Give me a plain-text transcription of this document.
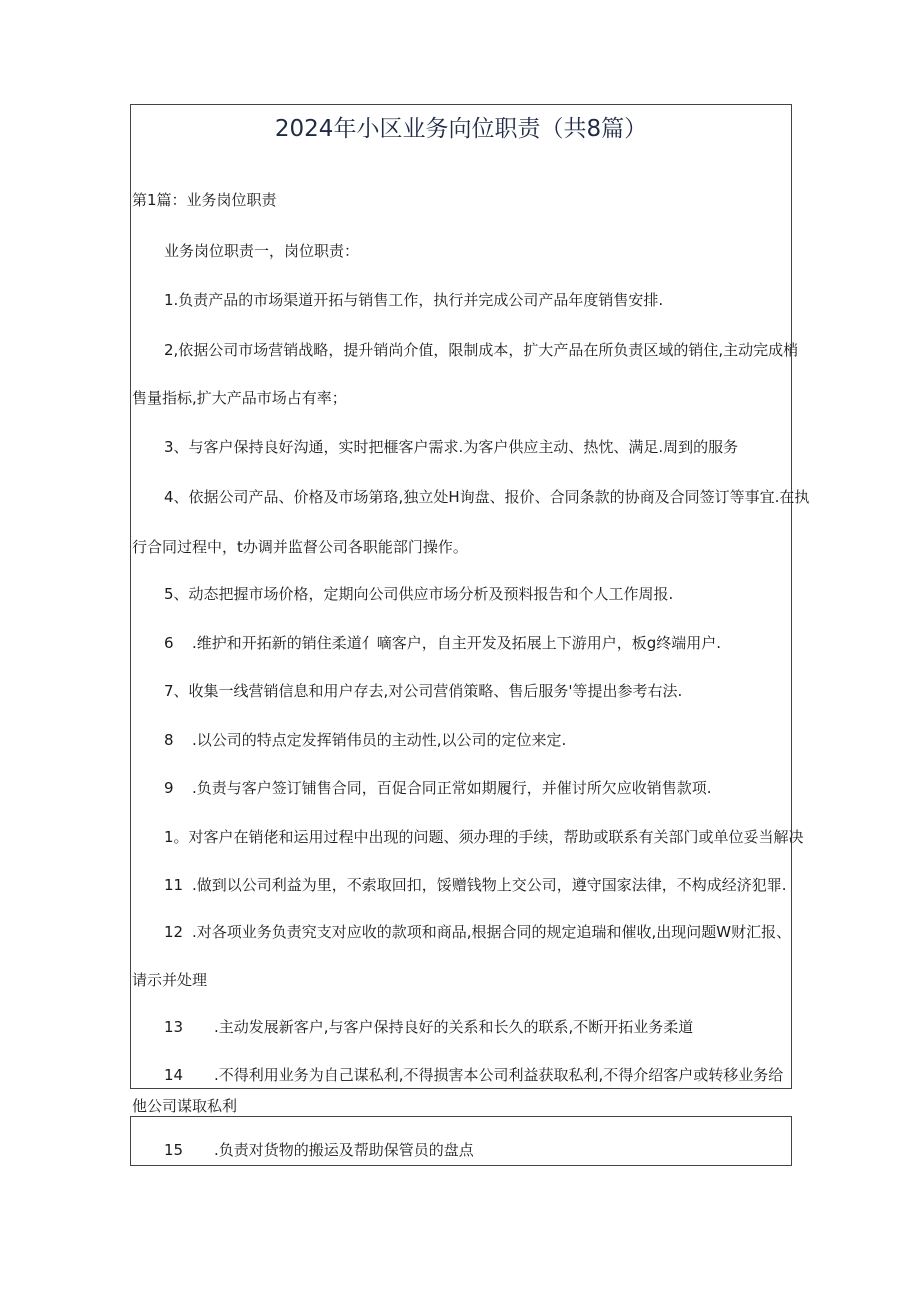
2024年小区业务向位职责（共8篇）
第1篇：业务岗位职责
业务岗位职责一，岗位职责：
1.负责产品的市场渠道开拓与销售工作，执行并完成公司产品年度销售安排.
2,依据公司市场营销战略，提升销尚介值，限制成本，扩大产品在所负责区域的销住,主动完成梢
售量指标,扩大产品市场占有率；
3、与客户保持良好沟通，实时把榧客户需求.为客户供应主动、热忱、满足.周到的服务
4、依据公司产品、价格及市场第珞,独立处H询盘、报价、合同条款的协商及合同签订等事宜.在执
行合同过程中，t办调并监督公司各职能部门操作。
5、动态把握市场价格，定期向公司供应市场分析及预料报告和个人工作周报.
6 .维护和开拓新的销住柔道亻嘀客户，自主开发及拓展上下游用户，板g终端用户.
7、收集一线营销信息和用户存去,对公司营俏策略、售后服务'等提出参考右法.
8 .以公司的特点定发挥销伟员的主动性,以公司的定位来定.
9 .负责与客户签订铺售合同，百促合同正常如期履行，并催讨所欠应收销售款项.
1。对客户在销佬和运用过程中出现的问题、须办理的手续，帮助或联系有关部门或单位妥当解决
11 .做到以公司利益为里，不索取回扣，馁赠钱物上交公司，遵守国家法律，不构成经济犯罪.
12 .对各项业务负责究支对应收的款项和商品,根据合同的规定追瑞和催收,出现问题W财汇报、
请示并处理
13 .主动发展新客户,与客户保持良好的关系和长久的联系,不断开拓业务柔道
14 .不得利用业务为自己谋私利,不得损害本公司利益获取私利,不得介绍客户或转移业务给
他公司谋取私利
15 .负责对货物的搬运及帮助保管员的盘点
